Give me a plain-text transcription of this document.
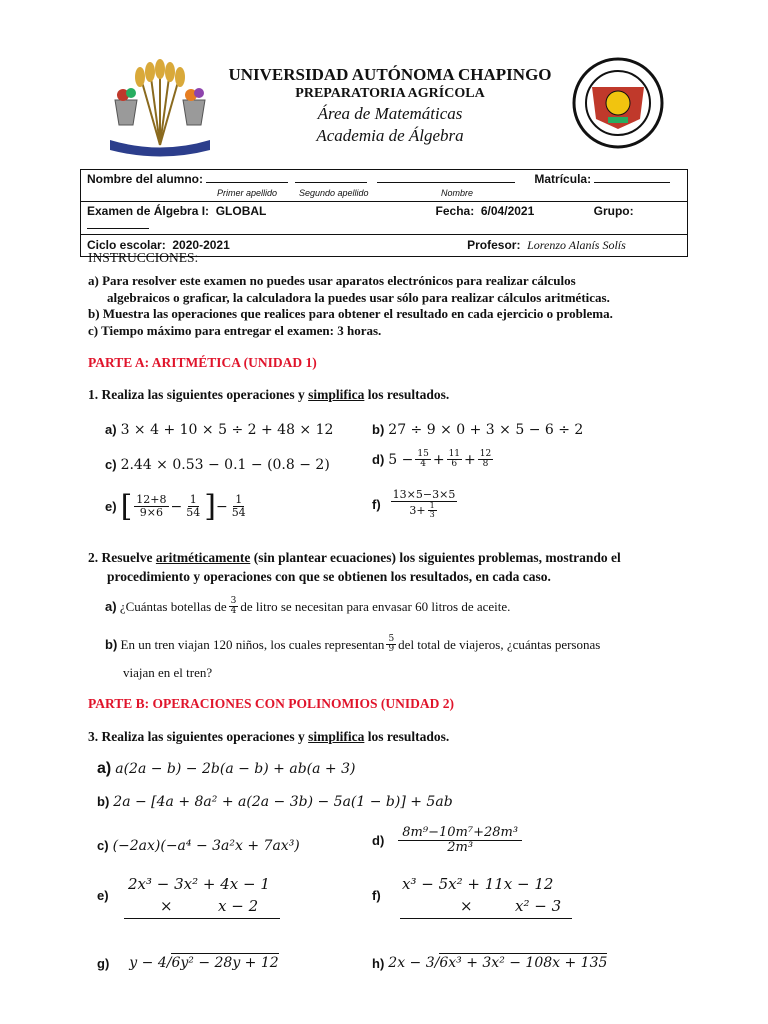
UNIVERSIDAD AUTÓNOMA CHAPINGO
PREPARATORIA AGRÍCOLA
Área de Matemáticas
Academia de Álgebra
Nombre del alumno:	Matrícula:
Primer apellido Segundo apellido	Nombre

Examen de Álgebra I: GLOBAL	Fecha: 6/04/2021	Grupo:
Ciclo escolar: 2020-2021	Profesor: Lorenzo Alanís Solís
INSTRUCCIONES:
a) Para resolver este examen no puedes usar aparatos electrónicos para realizar cálculos
algebraicos o graficar, la calculadora la puedes usar sólo para realizar cálculos aritméticas.
b) Muestra las operaciones que realices para obtener el resultado en cada ejercicio o problema.
c) Tiempo máximo para entregar el examen: 3 horas.
PARTE A: ARITMÉTICA (UNIDAD 1)
1. Realiza las siguientes operaciones y simplifica los resultados.
a) 3 × 4 + 10 × 5 ÷ 2 + 48 × 12	b) 27 ÷ 9 × 0 + 3 × 5 − 6 ÷ 2
c) 2.44 × 0.53 − 0.1 − (0.8 − 2)	d)
$5 - \frac{15}{4} + \frac{11}{6} + \frac{12}{8}$
e)
[ $\frac{12+8}{9\times 6} - \frac{1}{54}$ ] − $\frac{1}{54}$	f)
$\frac{13\times 5-3\times 5}{3+ \frac{1}{3}}$
2. Resuelve aritméticamente (sin plantear ecuaciones) los siguientes problemas, mostrando el
procedimiento y operaciones con que se obtienen los resultados, en cada caso.
a)
¿Cuántas botellas de $\frac{3}{4}$ de litro se necesitan para envasar 60 litros de aceite.
b)
En un tren viajan 120 niños, los cuales representan $\frac{5}{9}$ del total de viajeros, ¿cuántas personas
viajan en el tren?
PARTE B: OPERACIONES CON POLINOMIOS (UNIDAD 2)
3. Realiza las siguientes operaciones y simplifica los resultados.
a) a(2a − b) − 2b(a − b) + ab(a + 3)
b) 2a − [4a + 8a² + a(2a − 3b) − 5a(1 − b)] + 5ab
c) (−2ax)(−a⁴ − 3a²x + 7ax³)	d)
$\frac{\text{8m⁹−10m⁷+28m³}}{\text{2m³}}$
e)
2x³ − 3x² + 4x − 1
×	x − 2
f)
x³ − 5x² + 11x − 12
×	x² − 3
g)
y − 4/ 6y² − 28y + 12	h)
2x − 3/ 6x³ + 3x² − 108x + 135
